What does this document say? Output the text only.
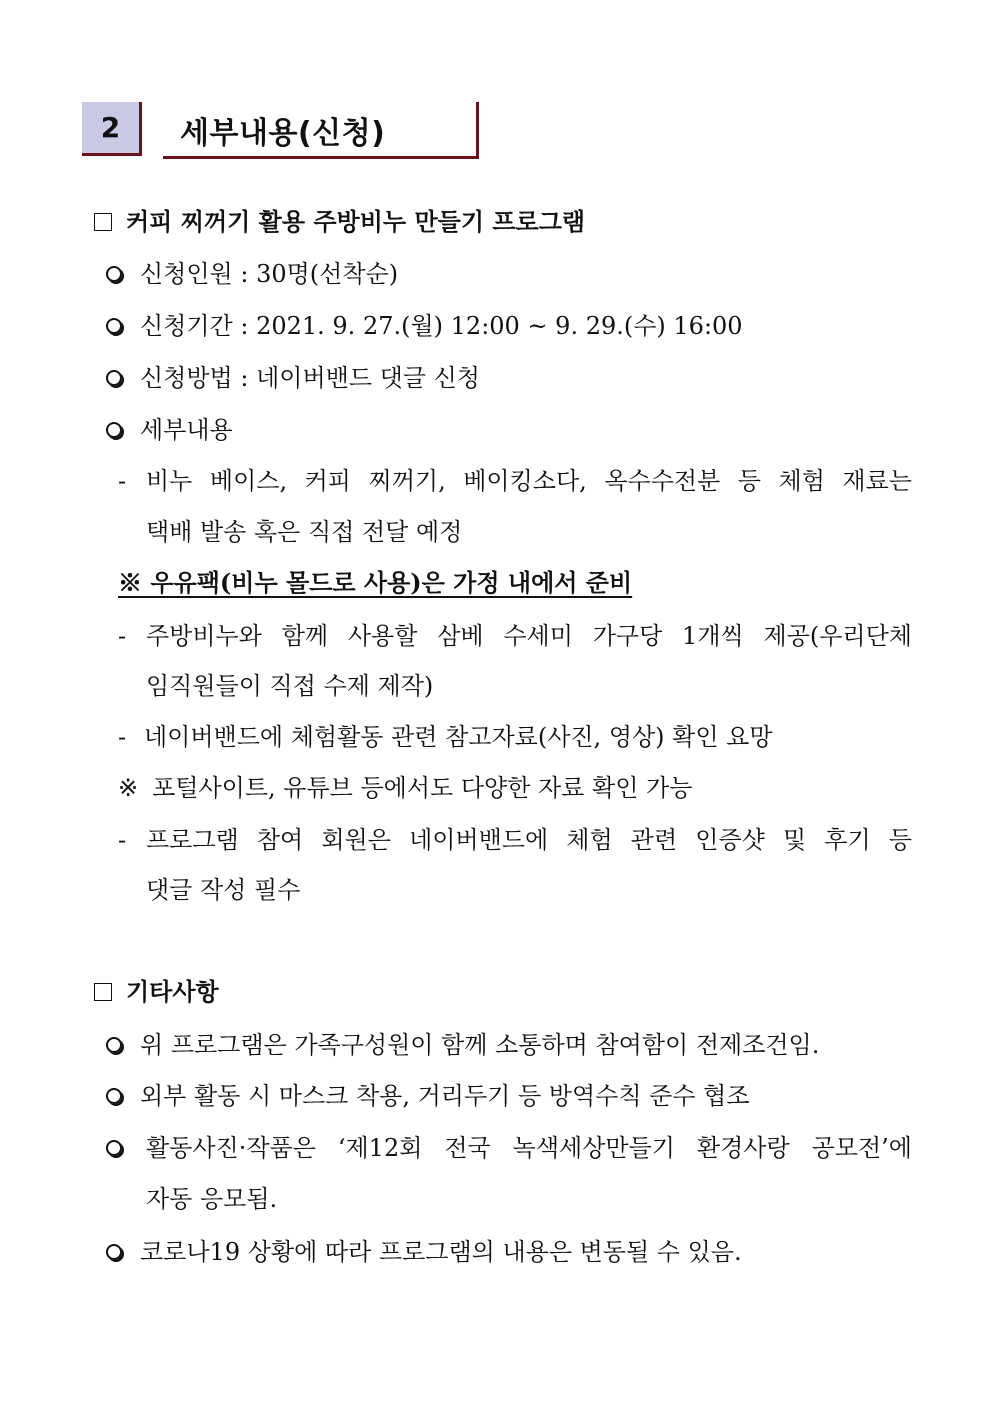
2 세부내용(신청)
커피 찌꺼기 활용 주방비누 만들기 프로그램
신청인원 : 30명(선착순)
신청기간 : 2021. 9. 27.(월) 12:00 ~ 9. 29.(수) 16:00
신청방법 : 네이버밴드 댓글 신청
세부내용
- 비누 베이스, 커피 찌꺼기, 베이킹소다, 옥수수전분 등 체험 재료는
택배 발송 혹은 직접 전달 예정
※ 우유팩(비누 몰드로 사용)은 가정 내에서 준비
- 주방비누와 함께 사용할 삼베 수세미 가구당 1개씩 제공(우리단체
임직원들이 직접 수제 제작)
- 네이버밴드에 체험활동 관련 참고자료(사진, 영상) 확인 요망
※ 포털사이트, 유튜브 등에서도 다양한 자료 확인 가능
- 프로그램 참여 회원은 네이버밴드에 체험 관련 인증샷 및 후기 등
댓글 작성 필수
기타사항
위 프로그램은 가족구성원이 함께 소통하며 참여함이 전제조건임.
외부 활동 시 마스크 착용, 거리두기 등 방역수칙 준수 협조
활동사진·작품은 ‘제12회 전국 녹색세상만들기 환경사랑 공모전’에
자동 응모됨.
코로나19 상황에 따라 프로그램의 내용은 변동될 수 있음.
